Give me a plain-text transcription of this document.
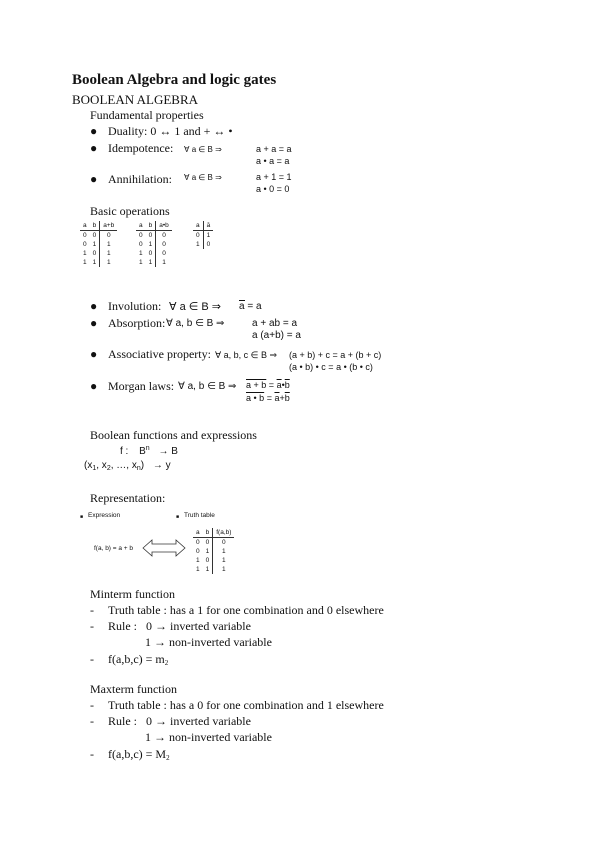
Boolean Algebra and logic gates
BOOLEAN ALGEBRA
Fundamental properties
● Duality: 0 ↔ 1 and + ↔ •
● Idempotence: ∀ a ∈ B ⇒	a + a = a
a • a = a
● Annihilation: ∀ a ∈ B ⇒	a + 1 = 1
a • 0 = 0
Basic operations
a	b	a+b
0	0	0
0	1	1
1	0	1
1	1	1
a	b	a•b
0	0	0
0	1	0
1	0	0
1	1	1
a	ā
0	1
1	0
● Involution: ∀ a ∈ B ⇒ $\overline{a} = a$
● Absorption: ∀ a, b ∈ B ⇒	a + ab = a
a (a+b) = a
● Associative property: ∀ a, b, c ∈ B ⇒ (a + b) + c = a + (b + c)
(a • b) • c = a • (b • c)
● Morgan laws: ∀ a, b ∈ B ⇒ $a + b = \overline{a}•\overline{b}$
a • $b = \overline{a}+\overline{b}$
Boolean functions and expressions
f : $B^n \to B$
($x_1$, $x_2$, …, $x_n) \to y$
Representation:
■ Expression	■ Truth table
f(a, b) = a + b
a	b	f(a,b)
0	0	0
0	1	1
1	0	1
1	1	1
Minterm function
- Truth table : has a 1 for one combination and 0 elsewhere
- Rule :   0 → inverted variable
1 → non-inverted variable
- $f(a,b,c) = m_2$
Maxterm function
- Truth table : has a 0 for one combination and 1 elsewhere
- Rule :   0 → inverted variable
1 → non-inverted variable
- $f(a,b,c) = M_2$
